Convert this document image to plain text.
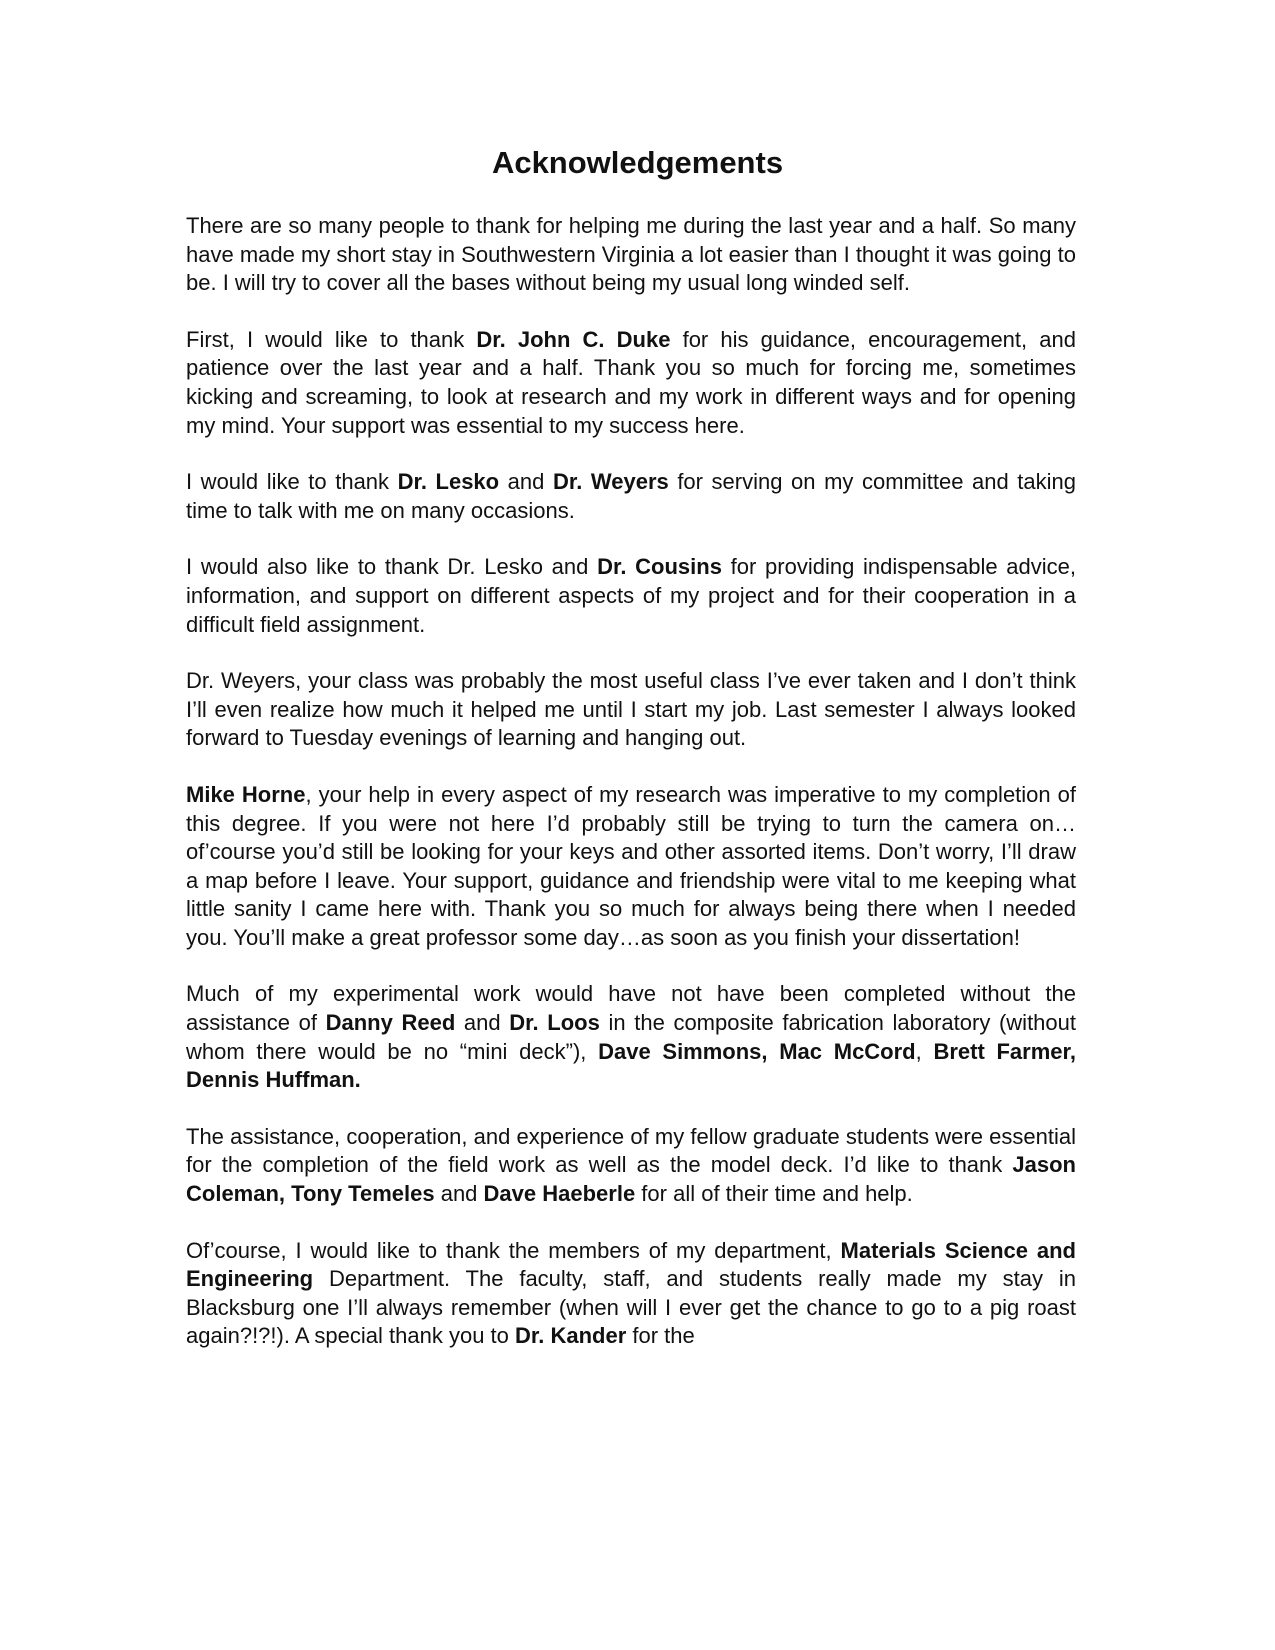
Acknowledgements

There are so many people to thank for helping me during the last year and a half. So many have made my short stay in Southwestern Virginia a lot easier than I thought it was going to be. I will try to cover all the bases without being my usual long winded self.

First, I would like to thank Dr. John C. Duke for his guidance, encouragement, and patience over the last year and a half. Thank you so much for forcing me, sometimes kicking and screaming, to look at research and my work in different ways and for opening my mind. Your support was essential to my success here.

I would like to thank Dr. Lesko and Dr. Weyers for serving on my committee and taking time to talk with me on many occasions.

I would also like to thank Dr. Lesko and Dr. Cousins for providing indispensable advice, information, and support on different aspects of my project and for their cooperation in a difficult field assignment.

Dr. Weyers, your class was probably the most useful class I’ve ever taken and I don’t think I’ll even realize how much it helped me until I start my job. Last semester I always looked forward to Tuesday evenings of learning and hanging out.

Mike Horne, your help in every aspect of my research was imperative to my completion of this degree. If you were not here I’d probably still be trying to turn the camera on…of’course you’d still be looking for your keys and other assorted items. Don’t worry, I’ll draw a map before I leave. Your support, guidance and friendship were vital to me keeping what little sanity I came here with. Thank you so much for always being there when I needed you. You’ll make a great professor some day…as soon as you finish your dissertation!

Much of my experimental work would have not have been completed without the assistance of Danny Reed and Dr. Loos in the composite fabrication laboratory (without whom there would be no “mini deck”), Dave Simmons, Mac McCord, Brett Farmer, Dennis Huffman.

The assistance, cooperation, and experience of my fellow graduate students were essential for the completion of the field work as well as the model deck. I’d like to thank Jason Coleman, Tony Temeles and Dave Haeberle for all of their time and help.

Of’course, I would like to thank the members of my department, Materials Science and Engineering Department. The faculty, staff, and students really made my stay in Blacksburg one I’ll always remember (when will I ever get the chance to go to a pig roast again?!?!). A special thank you to Dr. Kander for the
